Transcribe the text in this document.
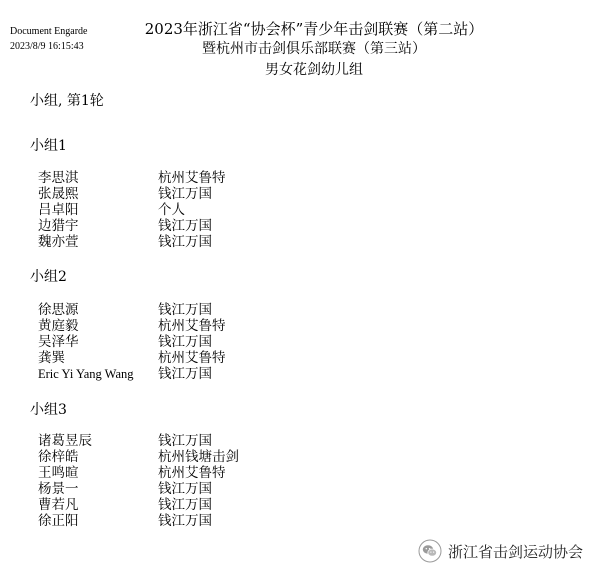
Document Engarde
2023/8/9 16:15:43
2023年浙江省“协会杯”青少年击剑联赛（第二站）
暨杭州市击剑俱乐部联赛（第三站）
男女花剑幼儿组
小组, 第1轮
小组1
李思淇	杭州艾鲁特
张晟熙	钱江万国
吕卓阳	个人
边猎宇	钱江万国
魏亦萱	钱江万国
小组2
徐思源	钱江万国
黄庭毅	杭州艾鲁特
吴泽华	钱江万国
龚巽	杭州艾鲁特
Eric Yi Yang Wang 钱江万国
小组3
诸葛昱辰	钱江万国
徐梓皓	杭州钱塘击剑
王鸣暄	杭州艾鲁特
杨景一	钱江万国
曹若凡	钱江万国
徐正阳	钱江万国
浙江省击剑运动协会
